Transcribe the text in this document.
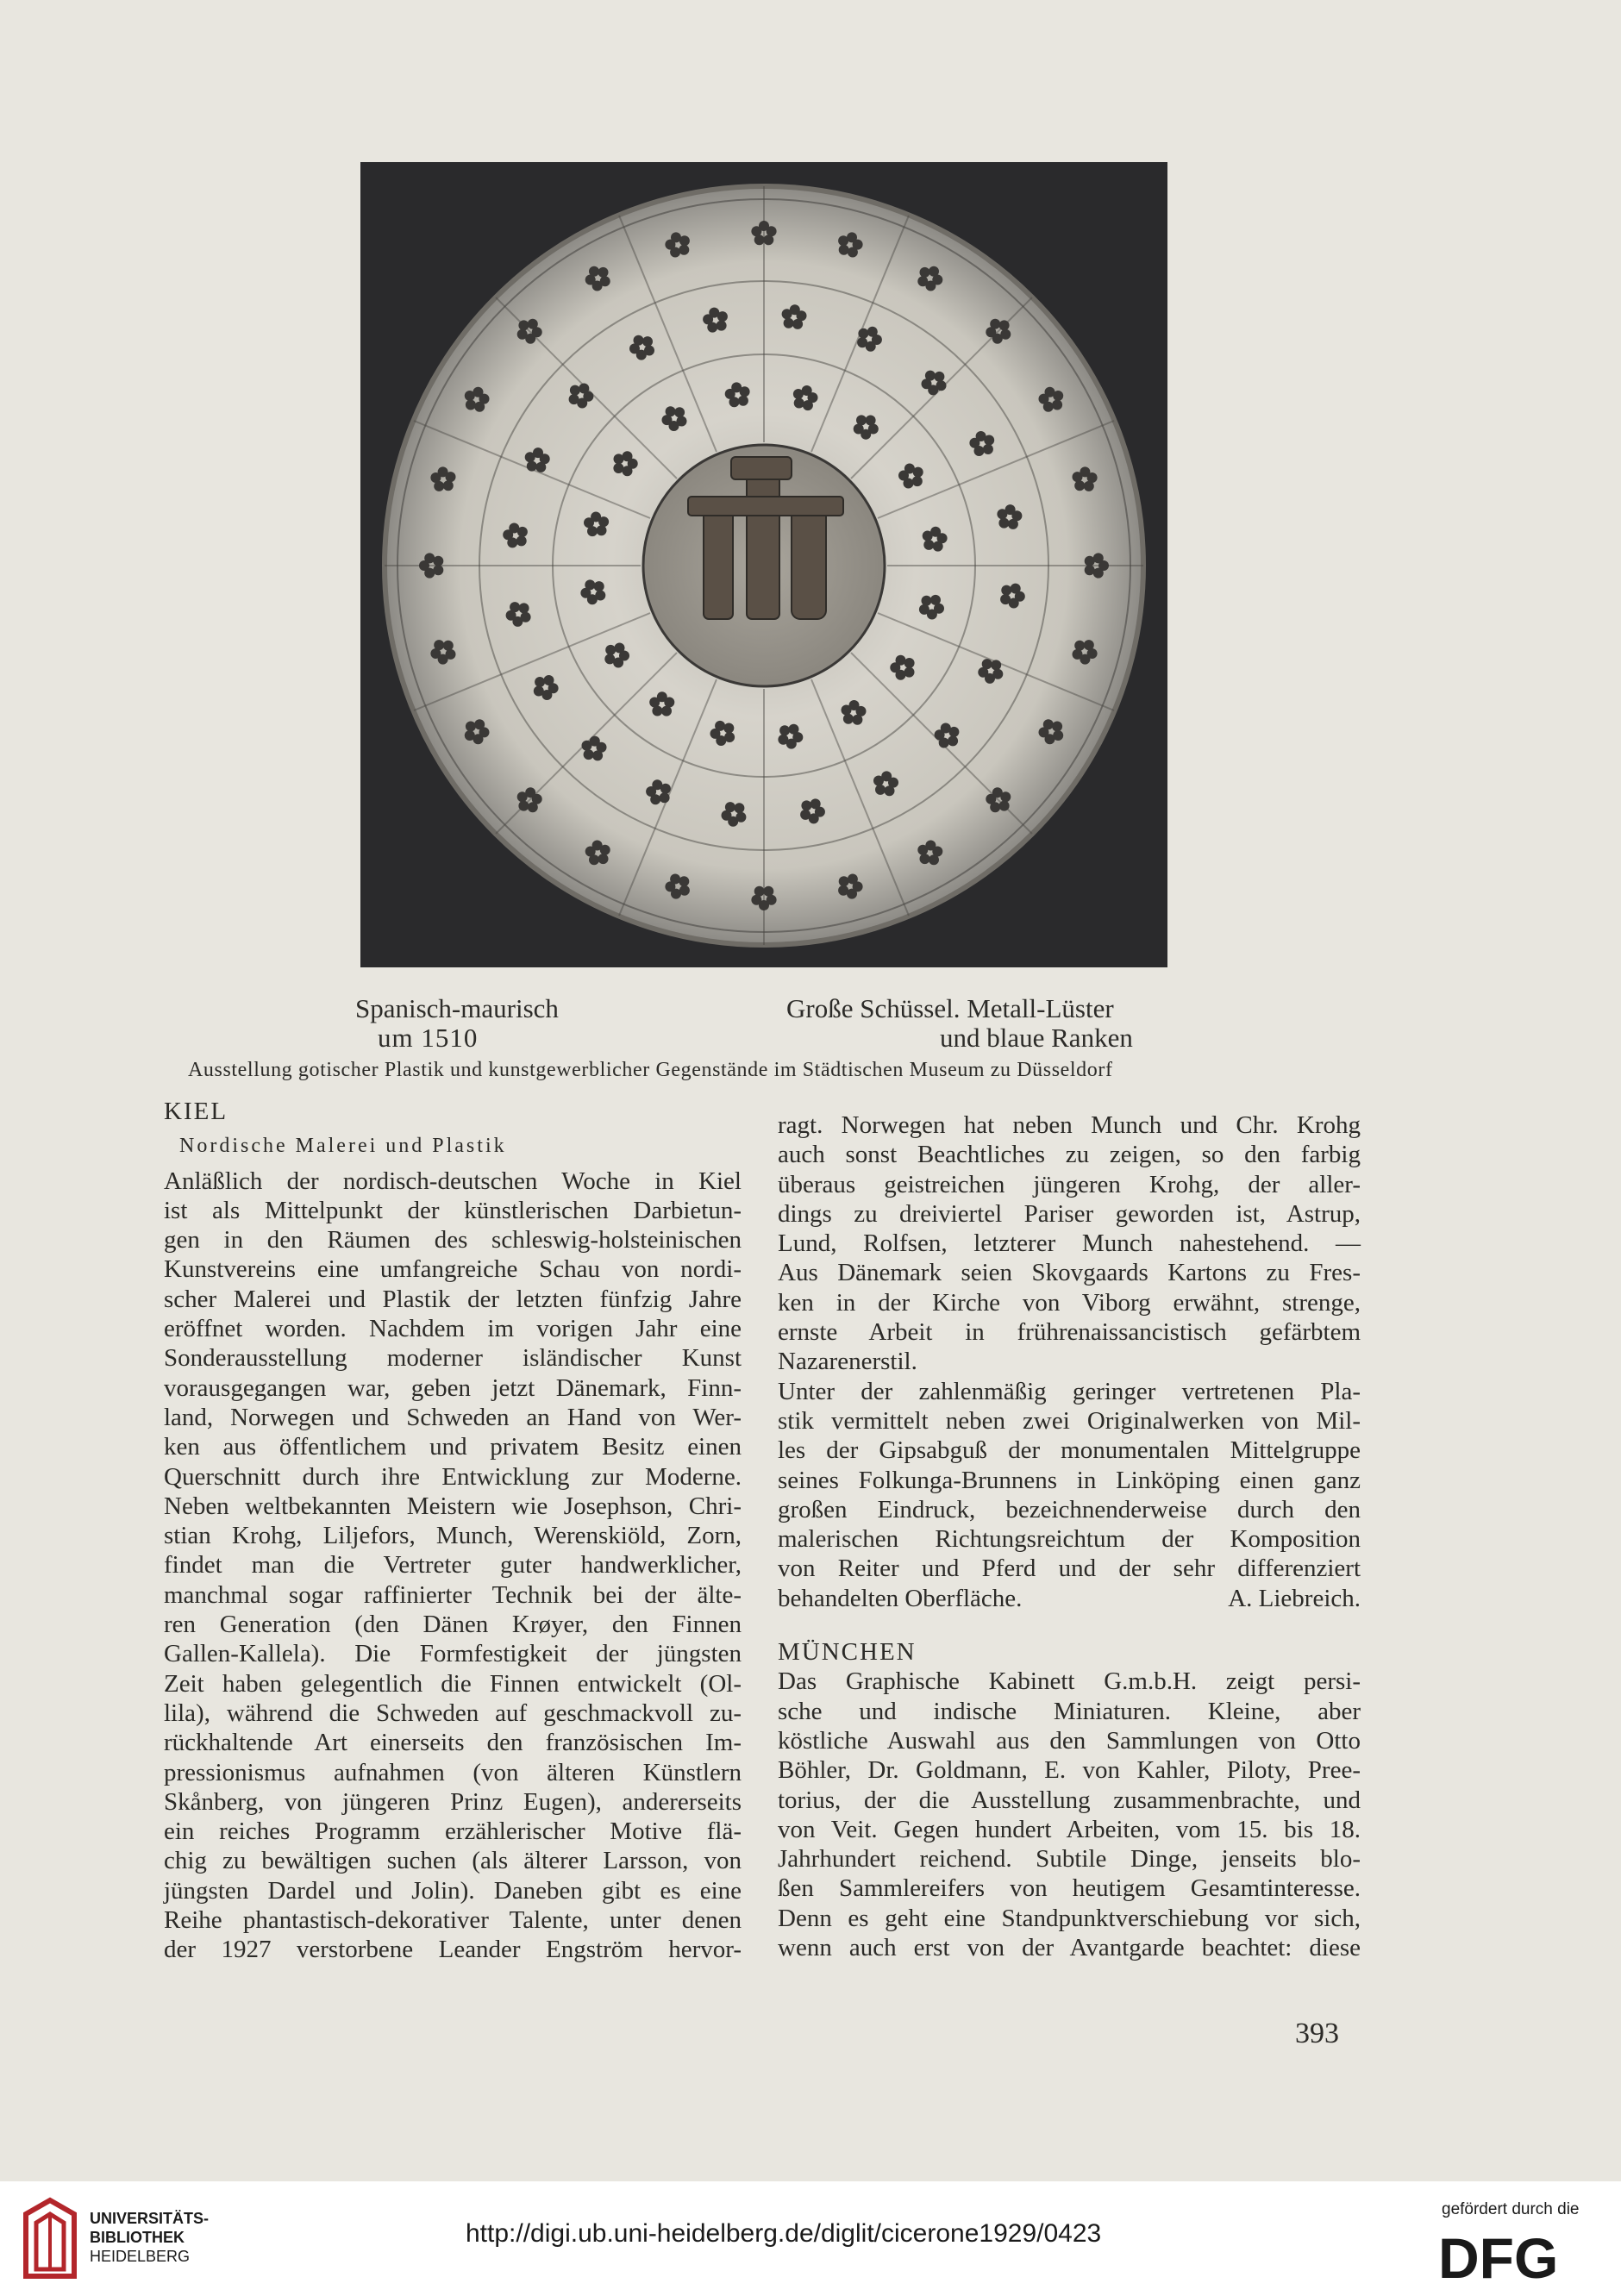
Spanisch-maurisch
um 1510
Große Schüssel. Metall-Lüster
und blaue Ranken
Ausstellung gotischer Plastik und kunstgewerblicher Gegenstände im Städtischen Museum zu Düsseldorf
KIEL
Nordische Malerei und Plastik
Anläßlich der nordisch-deutschen Woche in Kiel
ist als Mittelpunkt der künstlerischen Darbietun-
gen in den Räumen des schleswig-holsteinischen
Kunstvereins eine umfangreiche Schau von nordi-
scher Malerei und Plastik der letzten fünfzig Jahre
eröffnet worden. Nachdem im vorigen Jahr eine
Sonderausstellung moderner isländischer Kunst
vorausgegangen war, geben jetzt Dänemark, Finn-
land, Norwegen und Schweden an Hand von Wer-
ken aus öffentlichem und privatem Besitz einen
Querschnitt durch ihre Entwicklung zur Moderne.
Neben weltbekannten Meistern wie Josephson, Chri-
stian Krohg, Liljefors, Munch, Werenskiöld, Zorn,
findet man die Vertreter guter handwerklicher,
manchmal sogar raffinierter Technik bei der älte-
ren Generation (den Dänen Krøyer, den Finnen
Gallen-Kallela). Die Formfestigkeit der jüngsten
Zeit haben gelegentlich die Finnen entwickelt (Ol-
lila), während die Schweden auf geschmackvoll zu-
rückhaltende Art einerseits den französischen Im-
pressionismus aufnahmen (von älteren Künstlern
Skånberg, von jüngeren Prinz Eugen), andererseits
ein reiches Programm erzählerischer Motive flä-
chig zu bewältigen suchen (als älterer Larsson, von
jüngsten Dardel und Jolin). Daneben gibt es eine
Reihe phantastisch-dekorativer Talente, unter denen
der 1927 verstorbene Leander Engström hervor-
ragt. Norwegen hat neben Munch und Chr. Krohg
auch sonst Beachtliches zu zeigen, so den farbig
überaus geistreichen jüngeren Krohg, der aller-
dings zu dreiviertel Pariser geworden ist, Astrup,
Lund, Rolfsen, letzterer Munch nahestehend. —
Aus Dänemark seien Skovgaards Kartons zu Fres-
ken in der Kirche von Viborg erwähnt, strenge,
ernste Arbeit in frührenaissancistisch gefärbtem
Nazarenerstil.
Unter der zahlenmäßig geringer vertretenen Pla-
stik vermittelt neben zwei Originalwerken von Mil-
les der Gipsabguß der monumentalen Mittelgruppe
seines Folkunga-Brunnens in Linköping einen ganz
großen Eindruck, bezeichnenderweise durch den
malerischen Richtungsreichtum der Komposition
von Reiter und Pferd und der sehr differenziert
behandelten Oberfläche.	A. Liebreich.
MÜNCHEN
Das Graphische Kabinett G.m.b.H. zeigt persi-
sche und indische Miniaturen. Kleine, aber
köstliche Auswahl aus den Sammlungen von Otto
Böhler, Dr. Goldmann, E. von Kahler, Piloty, Pree-
torius, der die Ausstellung zusammenbrachte, und
von Veit. Gegen hundert Arbeiten, vom 15. bis 18.
Jahrhundert reichend. Subtile Dinge, jenseits blo-
ßen Sammlereifers von heutigem Gesamtinteresse.
Denn es geht eine Standpunktverschiebung vor sich,
wenn auch erst von der Avantgarde beachtet: diese
393
UNIVERSITÄTS-
BIBLIOTHEK
HEIDELBERG
http://digi.ub.uni-heidelberg.de/diglit/cicerone1929/0423
gefördert durch die
DFG
